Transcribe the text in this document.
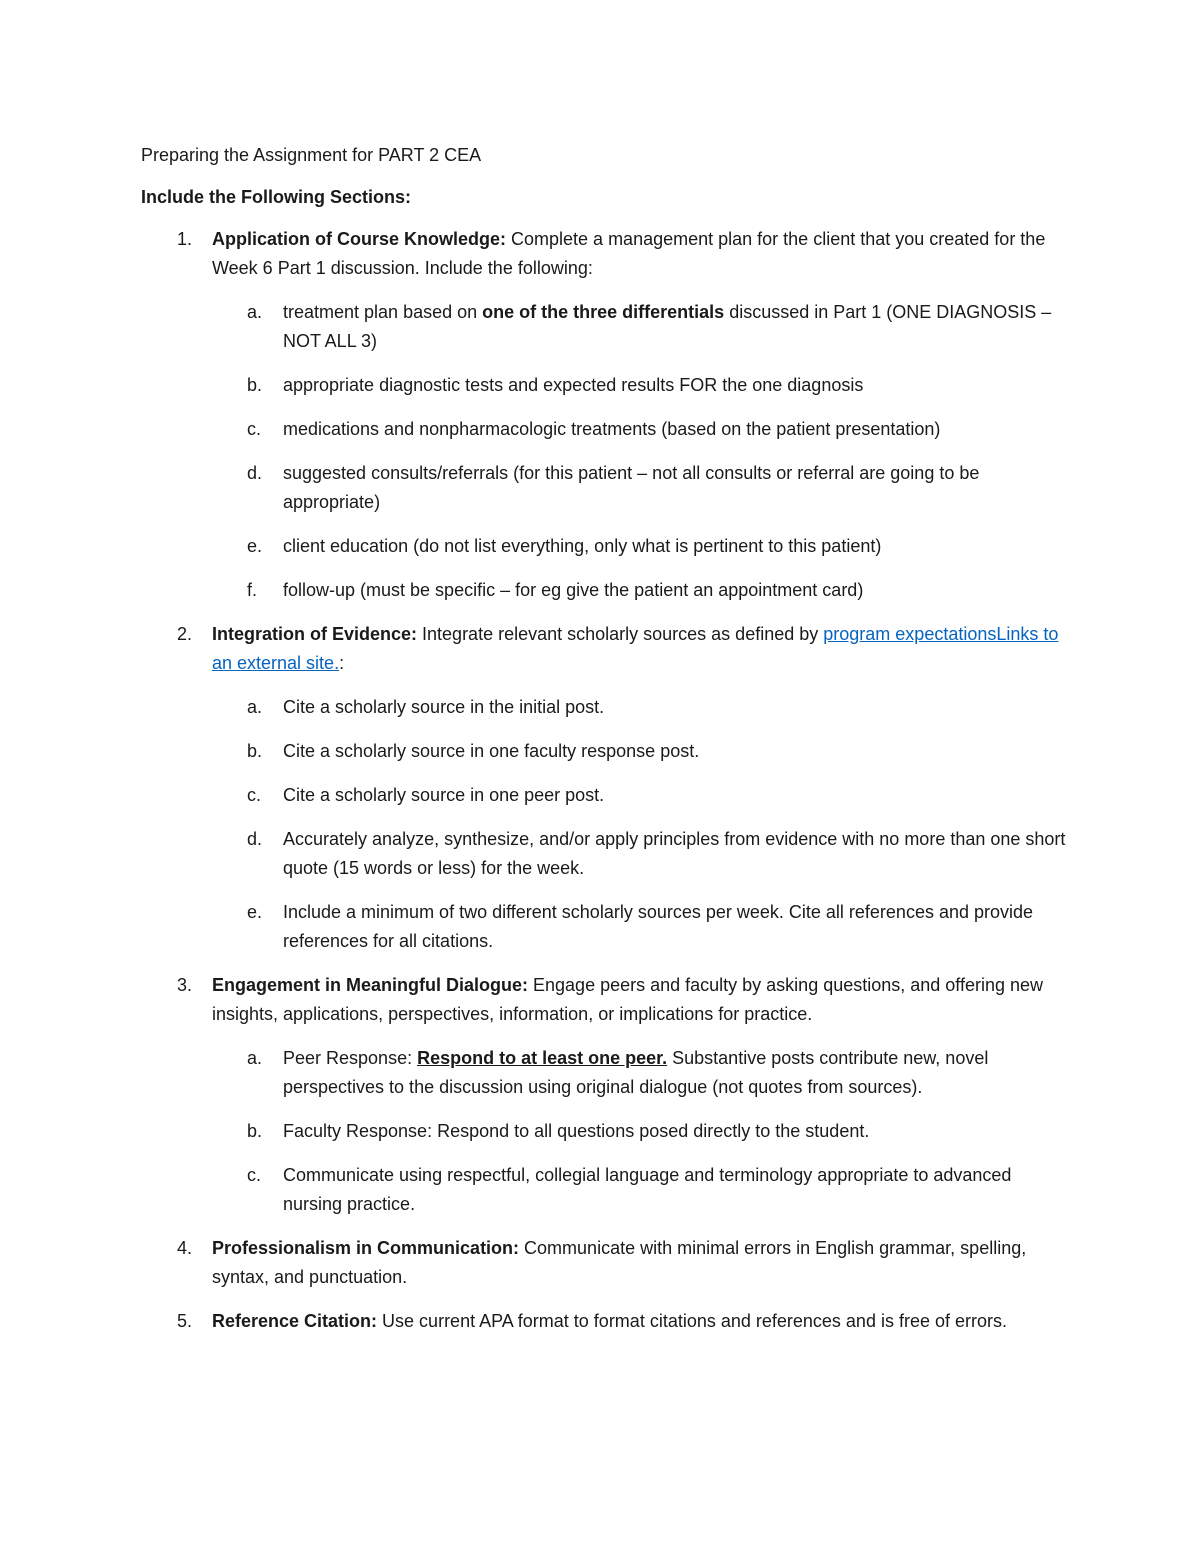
Preparing the Assignment for PART 2 CEA

Include the Following Sections:

1. Application of Course Knowledge: Complete a management plan for the client that you created for the Week 6 Part 1 discussion. Include the following:
a. treatment plan based on one of the three differentials discussed in Part 1 (ONE DIAGNOSIS – NOT ALL 3)
b. appropriate diagnostic tests and expected results FOR the one diagnosis
c. medications and nonpharmacologic treatments (based on the patient presentation)
d. suggested consults/referrals (for this patient – not all consults or referral are going to be appropriate)
e. client education (do not list everything, only what is pertinent to this patient)
f. follow-up (must be specific – for eg give the patient an appointment card)
2. Integration of Evidence: Integrate relevant scholarly sources as defined by program expectationsLinks to an external site.:
a. Cite a scholarly source in the initial post.
b. Cite a scholarly source in one faculty response post.
c. Cite a scholarly source in one peer post.
d. Accurately analyze, synthesize, and/or apply principles from evidence with no more than one short quote (15 words or less) for the week.
e. Include a minimum of two different scholarly sources per week. Cite all references and provide references for all citations.
3. Engagement in Meaningful Dialogue: Engage peers and faculty by asking questions, and offering new insights, applications, perspectives, information, or implications for practice.
a. Peer Response: Respond to at least one peer. Substantive posts contribute new, novel perspectives to the discussion using original dialogue (not quotes from sources).
b. Faculty Response: Respond to all questions posed directly to the student.
c. Communicate using respectful, collegial language and terminology appropriate to advanced nursing practice.
4. Professionalism in Communication: Communicate with minimal errors in English grammar, spelling, syntax, and punctuation.
5. Reference Citation: Use current APA format to format citations and references and is free of errors.
